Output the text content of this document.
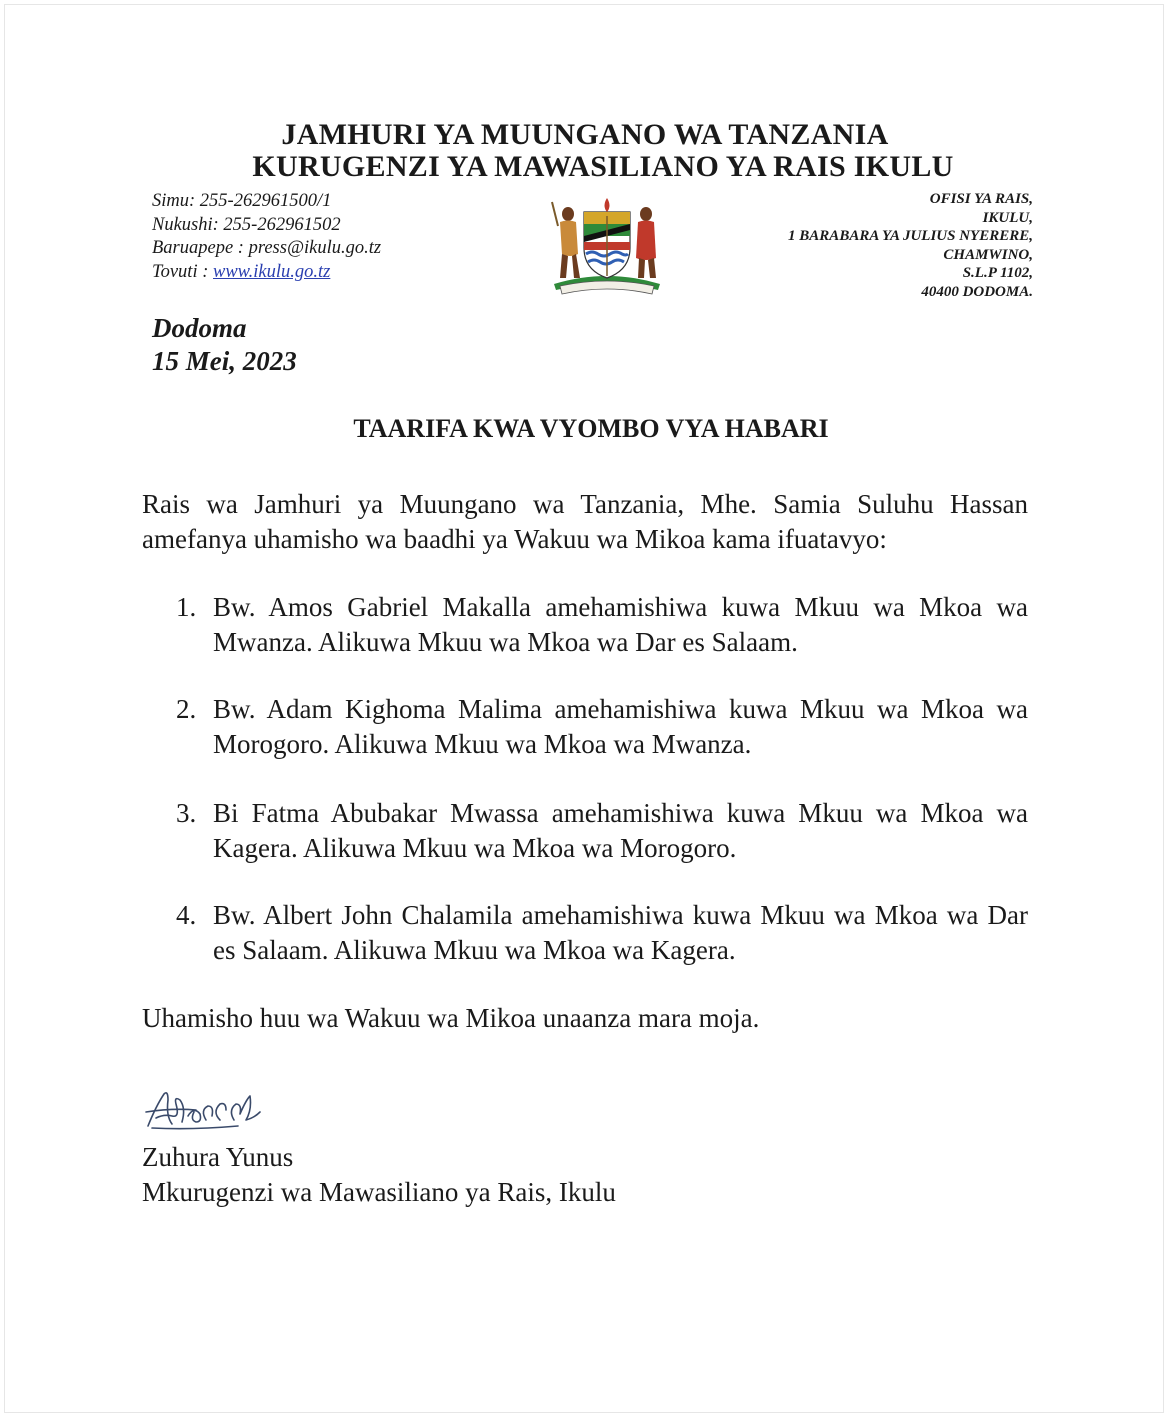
JAMHURI YA MUUNGANO WA TANZANIA
KURUGENZI YA MAWASILIANO YA RAIS IKULU
Simu: 255-262961500/1
Nukushi: 255-262961502
Baruapepe : press@ikulu.go.tz
Tovuti : www.ikulu.go.tz
OFISI YA RAIS,
IKULU,
1 BARABARA YA JULIUS NYERERE,
CHAMWINO,
S.L.P 1102,
40400 DODOMA.
Dodoma
15 Mei, 2023
TAARIFA KWA VYOMBO VYA HABARI
Rais wa Jamhuri ya Muungano wa Tanzania, Mhe. Samia Suluhu Hassan amefanya uhamisho wa baadhi ya Wakuu wa Mikoa kama ifuatavyo:
1. Bw. Amos Gabriel Makalla amehamishiwa kuwa Mkuu wa Mkoa wa Mwanza. Alikuwa Mkuu wa Mkoa wa Dar es Salaam.
2. Bw. Adam Kighoma Malima amehamishiwa kuwa Mkuu wa Mkoa wa Morogoro. Alikuwa Mkuu wa Mkoa wa Mwanza.
3. Bi Fatma Abubakar Mwassa amehamishiwa kuwa Mkuu wa Mkoa wa Kagera. Alikuwa Mkuu wa Mkoa wa Morogoro.
4. Bw. Albert John Chalamila amehamishiwa kuwa Mkuu wa Mkoa wa Dar es Salaam. Alikuwa Mkuu wa Mkoa wa Kagera.
Uhamisho huu wa Wakuu wa Mikoa unaanza mara moja.
Zuhura Yunus
Mkurugenzi wa Mawasiliano ya Rais, Ikulu
